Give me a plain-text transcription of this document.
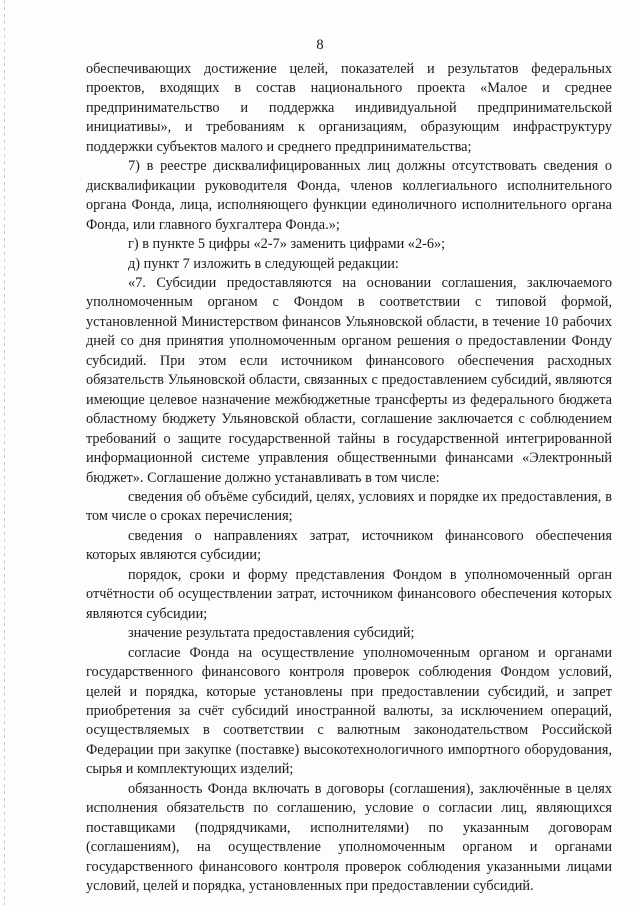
8

обеспечивающих достижение целей, показателей и результатов федеральных проектов, входящих в состав национального проекта «Малое и среднее предпринимательство и поддержка индивидуальной предпринимательской инициативы», и требованиям к организациям, образующим инфраструктуру поддержки субъектов малого и среднего предпринимательства;

7) в реестре дисквалифицированных лиц должны отсутствовать сведения о дисквалификации руководителя Фонда, членов коллегиального исполнительного органа Фонда, лица, исполняющего функции единоличного исполнительного органа Фонда, или главного бухгалтера Фонда.»;

г) в пункте 5 цифры «2-7» заменить цифрами «2-6»;

д) пункт 7 изложить в следующей редакции:

«7. Субсидии предоставляются на основании соглашения, заключаемого уполномоченным органом с Фондом в соответствии с типовой формой, установленной Министерством финансов Ульяновской области, в течение 10 рабочих дней со дня принятия уполномоченным органом решения о предоставлении Фонду субсидий. При этом если источником финансового обеспечения расходных обязательств Ульяновской области, связанных с предоставлением субсидий, являются имеющие целевое назначение межбюджетные трансферты из федерального бюджета областному бюджету Ульяновской области, соглашение заключается с соблюдением требований о защите государственной тайны в государственной интегрированной информационной системе управления общественными финансами «Электронный бюджет». Соглашение должно устанавливать в том числе:

сведения об объёме субсидий, целях, условиях и порядке их предоставления, в том числе о сроках перечисления;

сведения о направлениях затрат, источником финансового обеспечения которых являются субсидии;

порядок, сроки и форму представления Фондом в уполномоченный орган отчётности об осуществлении затрат, источником финансового обеспечения которых являются субсидии;

значение результата предоставления субсидий;

согласие Фонда на осуществление уполномоченным органом и органами государственного финансового контроля проверок соблюдения Фондом условий, целей и порядка, которые установлены при предоставлении субсидий, и запрет приобретения за счёт субсидий иностранной валюты, за исключением операций, осуществляемых в соответствии с валютным законодательством Российской Федерации при закупке (поставке) высокотехнологичного импортного оборудования, сырья и комплектующих изделий;

обязанность Фонда включать в договоры (соглашения), заключённые в целях исполнения обязательств по соглашению, условие о согласии лиц, являющихся поставщиками (подрядчиками, исполнителями) по указанным договорам (соглашениям), на осуществление уполномоченным органом и органами государственного финансового контроля проверок соблюдения указанными лицами условий, целей и порядка, установленных при предоставлении субсидий.
